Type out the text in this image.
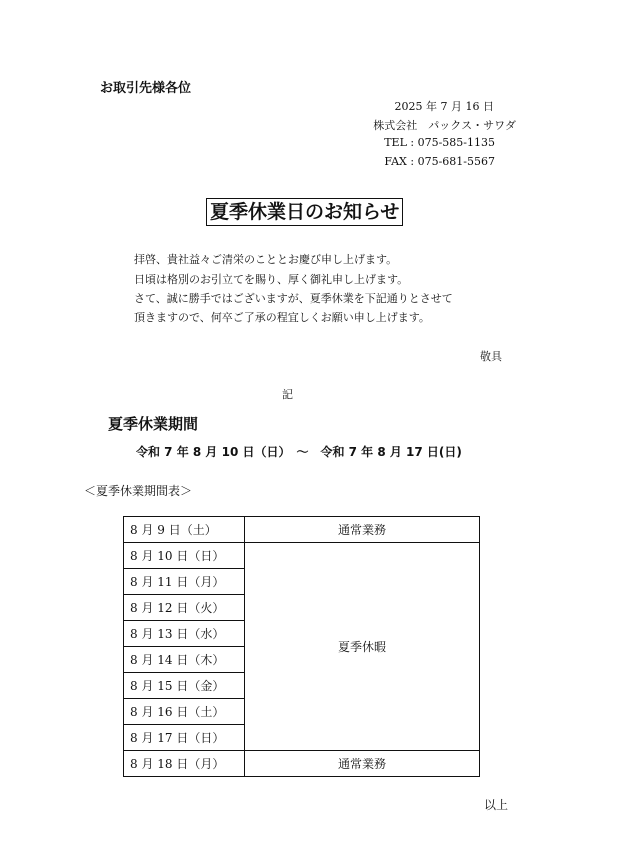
お取引先様各位
2025 年 7 月 16 日
株式会社　パックス・サワダ
TEL : 075-585-1135
FAX : 075-681-5567
夏季休業日のお知らせ
拝啓、貴社益々ご清栄のこととお慶び申し上げます。
日頃は格別のお引立てを賜り、厚く御礼申し上げます。
さて、誠に勝手ではございますが、夏季休業を下記通りとさせて
頂きますので、何卒ご了承の程宜しくお願い申し上げます。
敬具
記
夏季休業期間
令和 7 年 8 月 10 日（日）　～　令和 7 年 8 月 17 日(日)
＜夏季休業期間表＞
8 月 9 日（土）	通常業務
8 月 10 日（日）	夏季休暇
8 月 11 日（月）	
8 月 12 日（火）	
8 月 13 日（水）	
8 月 14 日（木）	
8 月 15 日（金）	
8 月 16 日（土）	
8 月 17 日（日）	
8 月 18 日（月）	通常業務
以上
